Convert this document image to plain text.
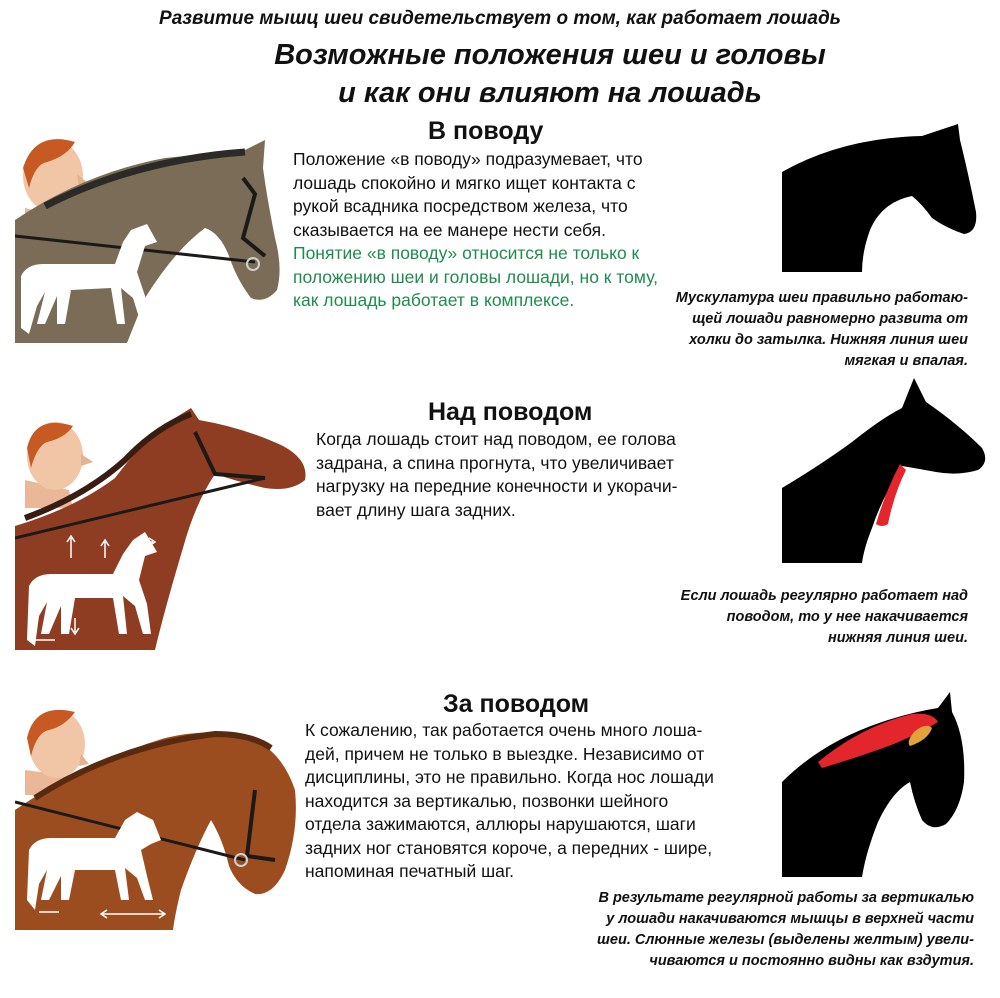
Развитие мышц шеи свидетельствует о том, как работает лошадь
Возможные положения шеи и головы
и как они влияют на лошадь
В поводу

Положение «в поводу» подразумевает, что

лошадь спокойно и мягко ищет контакта с

рукой всадника посредством железа, что

сказывается на ее манере нести себя.

Понятие «в поводу» относится не только к

положению шеи и головы лошади, но к тому,

как лошадь работает в комплексе.	Мускулатура шеи правильно работаю-
щей лошади равномерно развита от
холки до затылка. Нижняя линия шеи
мягкая и впалая.
Над поводом

Когда лошадь стоит над поводом, ее голова

задрана, а спина прогнута, что увеличивает

нагрузку на передние конечности и укорачи-

вает длину шага задних.

Если лошадь регулярно работает над
поводом, то у нее накачивается
нижняя линия шеи.
За поводом

К сожалению, так работается очень много лоша-

дей, причем не только в выездке. Независимо от

дисциплины, это не правильно. Когда нос лошади

находится за вертикалью, позвонки шейного

отдела зажимаются, аллюры нарушаются, шаги

задних ног становятся короче, а передних - шире,

напоминая печатный шаг.

В результате регулярной работы за вертикалью
у лошади накачиваются мышцы в верхней части
шеи. Слюнные железы (выделены желтым) увели-
чиваются и постоянно видны как вздутия.
